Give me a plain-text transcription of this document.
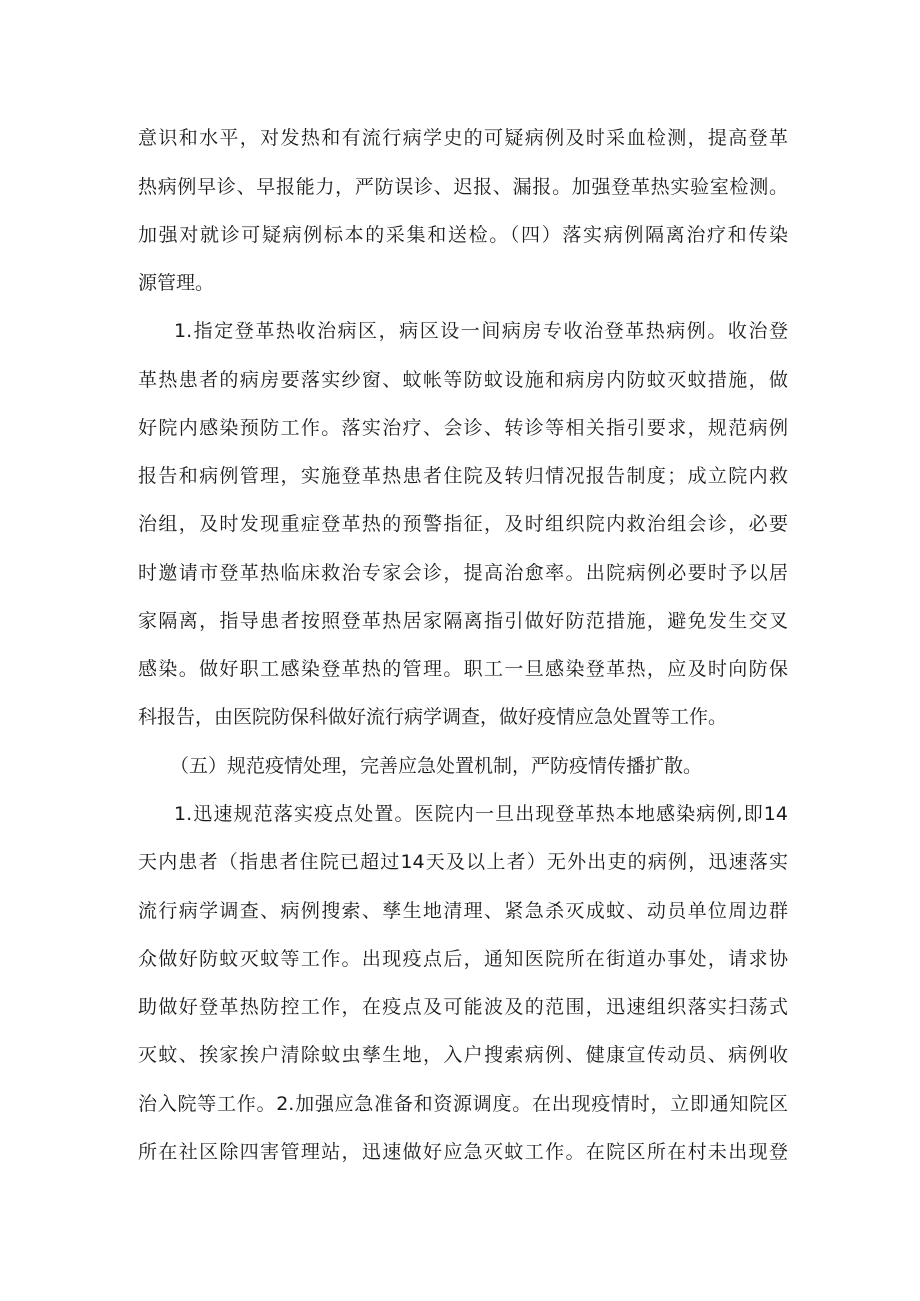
意识和水平，对发热和有流行病学史的可疑病例及时采血检测，提高登革
热病例早诊、早报能力，严防误诊、迟报、漏报。加强登革热实验室检测。
加强对就诊可疑病例标本的采集和送检。（四）落实病例隔离治疗和传染
源管理。
1.指定登革热收治病区，病区设一间病房专收治登革热病例。收治登
革热患者的病房要落实纱窗、蚊帐等防蚊设施和病房内防蚊灭蚊措施，做
好院内感染预防工作。落实治疗、会诊、转诊等相关指引要求，规范病例
报告和病例管理，实施登革热患者住院及转归情况报告制度；成立院内救
治组，及时发现重症登革热的预警指征，及时组织院内救治组会诊，必要
时邀请市登革热临床救治专家会诊，提高治愈率。出院病例必要时予以居
家隔离，指导患者按照登革热居家隔离指引做好防范措施，避免发生交叉
感染。做好职工感染登革热的管理。职工一旦感染登革热，应及时向防保
科报告，由医院防保科做好流行病学调查，做好疫情应急处置等工作。
（五）规范疫情处理，完善应急处置机制，严防疫情传播扩散。
1.迅速规范落实疫点处置。医院内一旦出现登革热本地感染病例,即14
天内患者（指患者住院已超过14天及以上者）无外出吏的病例，迅速落实
流行病学调查、病例搜索、孳生地清理、紧急杀灭成蚊、动员单位周边群
众做好防蚊灭蚊等工作。出现疫点后，通知医院所在街道办事处，请求协
助做好登革热防控工作，在疫点及可能波及的范围，迅速组织落实扫荡式
灭蚊、挨家挨户清除蚊虫孳生地，入户搜索病例、健康宣传动员、病例收
治入院等工作。2.加强应急准备和资源调度。在出现疫情时，立即通知院区
所在社区除四害管理站，迅速做好应急灭蚊工作。在院区所在村未出现登
